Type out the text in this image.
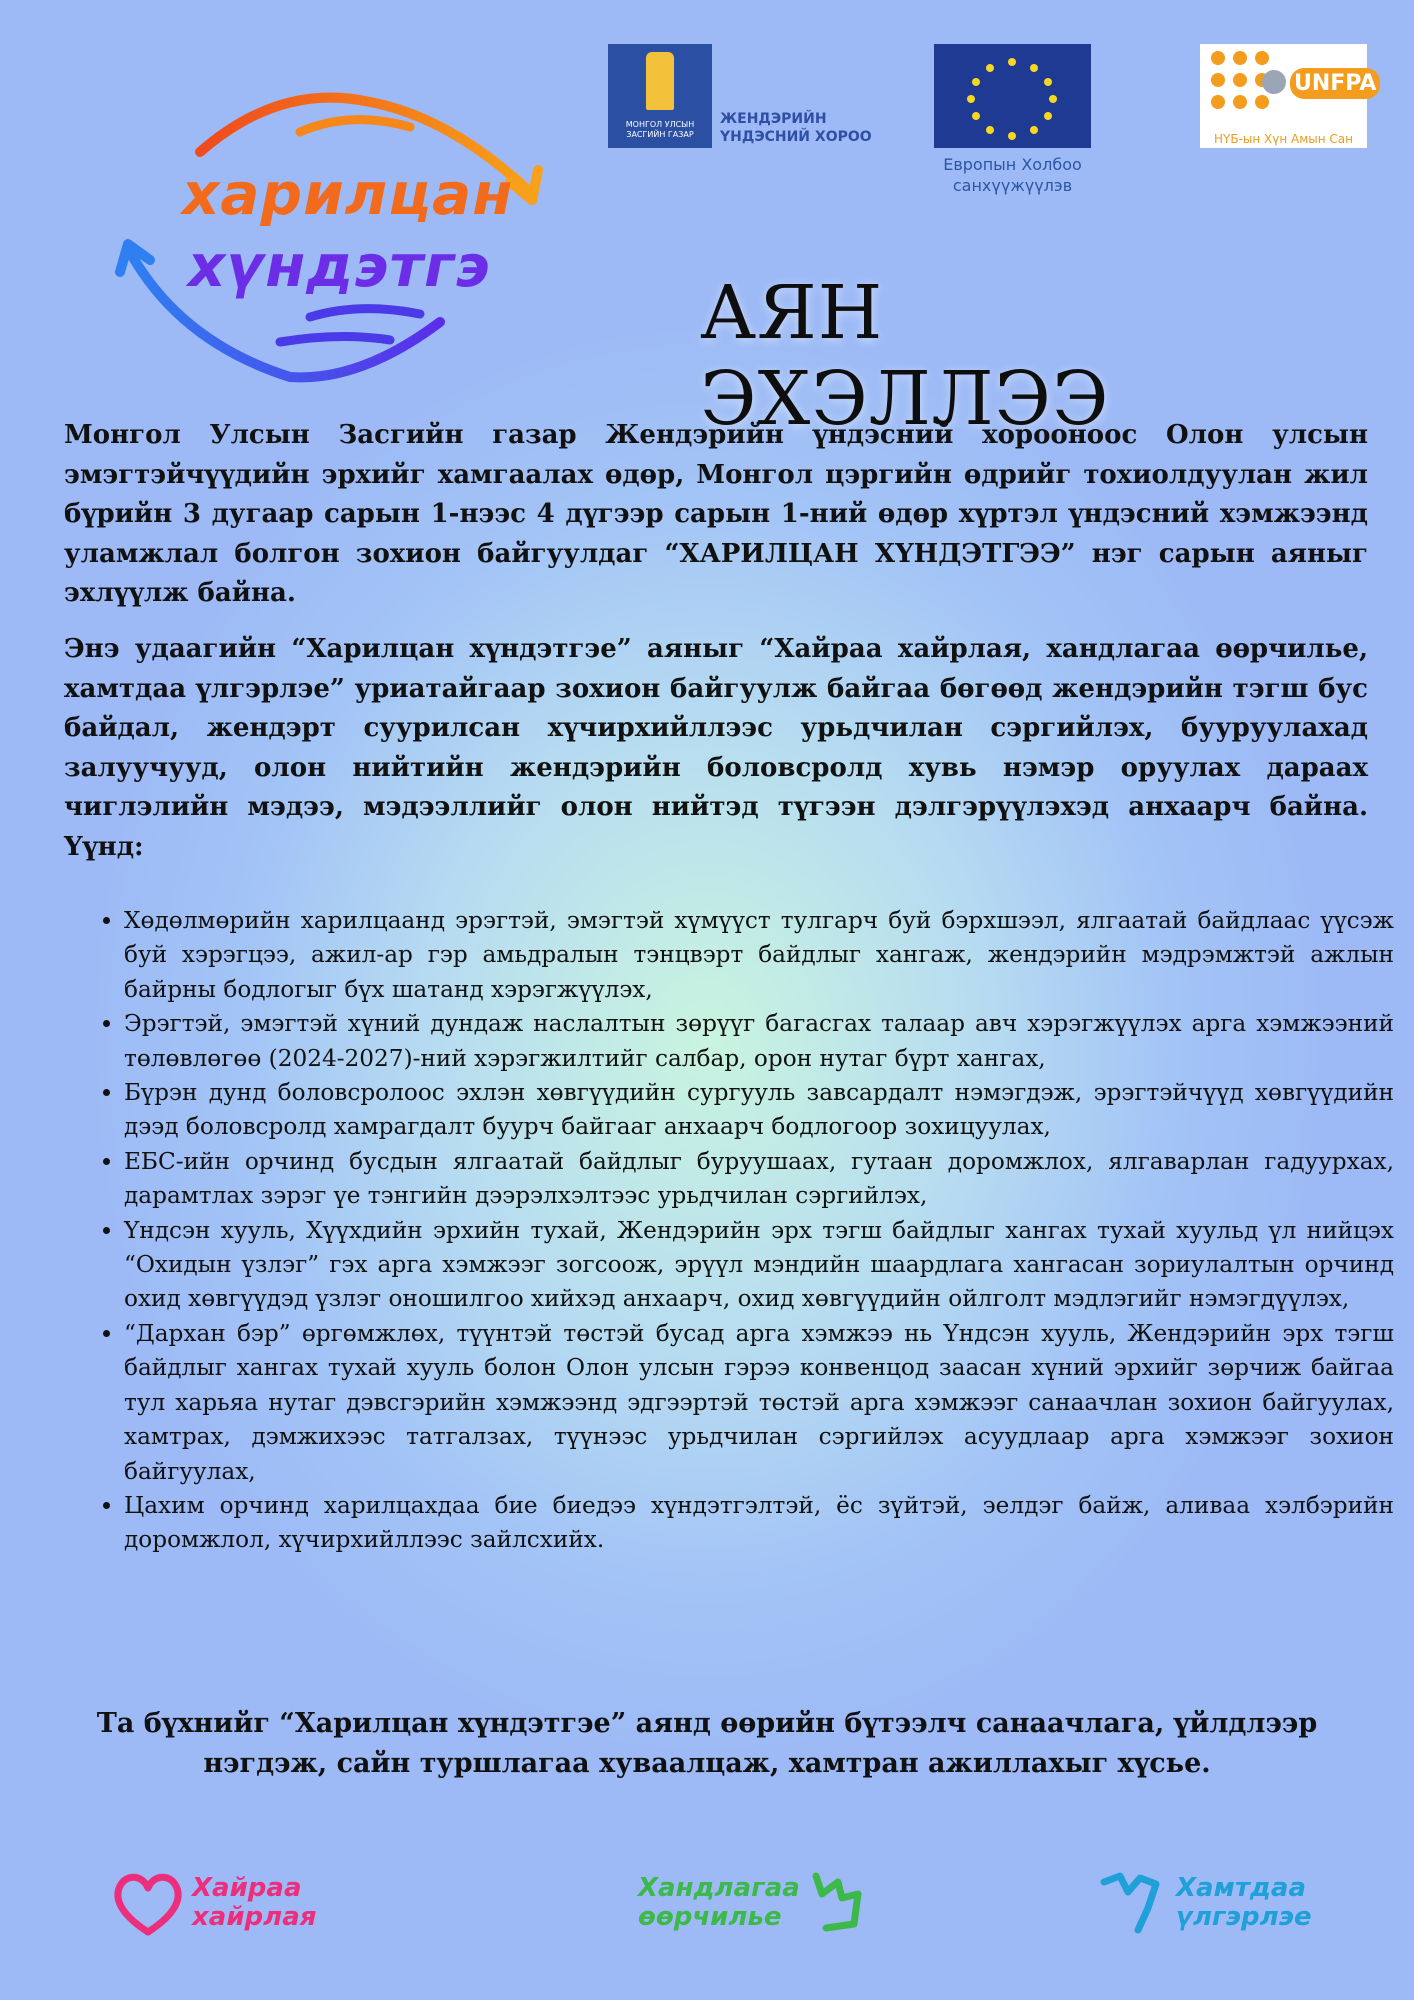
харилцан
хүндэтгэ
МОНГОЛ УЛСЫН ЗАСГИЙН ГАЗАР
ЖЕНДЭРИЙН ҮНДЭСНИЙ ХОРОО
Европын Холбоо санхүүжүүлэв
UNFPA
НҮБ-ын Хүн Амын Сан
АЯН ЭХЭЛЛЭЭ

Монгол Улсын Засгийн газар Жендэрийн үндэсний хорооноос Олон улсын эмэгтэйчүүдийн эрхийг хамгаалах өдөр, Монгол цэргийн өдрийг тохиолдуулан жил бүрийн 3 дугаар сарын 1-нээс 4 дүгээр сарын 1-ний өдөр хүртэл үндэсний хэмжээнд уламжлал болгон зохион байгуулдаг “ХАРИЛЦАН ХҮНДЭТГЭЭ” нэг сарын аяныг эхлүүлж байна.

Энэ удаагийн “Харилцан хүндэтгэе” аяныг “Хайраа хайрлая, хандлагаа өөрчилье, хамтдаа үлгэрлэе” уриатайгаар зохион байгуулж байгаа бөгөөд жендэрийн тэгш бус байдал, жендэрт суурилсан хүчирхийллээс урьдчилан сэргийлэх, бууруулахад залуучууд, олон нийтийн жендэрийн боловсролд хувь нэмэр оруулах дараах чиглэлийн мэдээ, мэдээллийг олон нийтэд түгээн дэлгэрүүлэхэд анхаарч байна. Үүнд:

• Хөдөлмөрийн харилцаанд эрэгтэй, эмэгтэй хүмүүст тулгарч буй бэрхшээл, ялгаатай байдлаас үүсэж буй хэрэгцээ, ажил-ар гэр амьдралын тэнцвэрт байдлыг хангаж, жендэрийн мэдрэмжтэй ажлын байрны бодлогыг бүх шатанд хэрэгжүүлэх,
• Эрэгтэй, эмэгтэй хүний дундаж наслалтын зөрүүг багасгах талаар авч хэрэгжүүлэх арга хэмжээний төлөвлөгөө (2024-2027)-ний хэрэгжилтийг салбар, орон нутаг бүрт хангах,
• Бүрэн дунд боловсролоос эхлэн хөвгүүдийн сургууль завсардалт нэмэгдэж, эрэгтэйчүүд хөвгүүдийн дээд боловсролд хамрагдалт буурч байгааг анхаарч бодлогоор зохицуулах,
• ЕБС-ийн орчинд бусдын ялгаатай байдлыг буруушаах, гутаан доромжлох, ялгаварлан гадуурхах, дарамтлах зэрэг үе тэнгийн дээрэлхэлтээс урьдчилан сэргийлэх,
• Үндсэн хууль, Хүүхдийн эрхийн тухай, Жендэрийн эрх тэгш байдлыг хангах тухай хуульд үл нийцэх “Охидын үзлэг” гэх арга хэмжээг зогсоож, эрүүл мэндийн шаардлага хангасан зориулалтын орчинд охид хөвгүүдэд үзлэг оношилгоо хийхэд анхаарч, охид хөвгүүдийн ойлголт мэдлэгийг нэмэгдүүлэх,
• “Дархан бэр” өргөмжлөх, түүнтэй төстэй бусад арга хэмжээ нь Үндсэн хууль, Жендэрийн эрх тэгш байдлыг хангах тухай хууль болон Олон улсын гэрээ конвенцод заасан хүний эрхийг зөрчиж байгаа тул харьяа нутаг дэвсгэрийн хэмжээнд эдгээртэй төстэй арга хэмжээг санаачлан зохион байгуулах, хамтрах, дэмжихээс татгалзах, түүнээс урьдчилан сэргийлэх асуудлаар арга хэмжээг зохион байгуулах,
• Цахим орчинд харилцахдаа бие биедээ хүндэтгэлтэй, ёс зүйтэй, эелдэг байж, аливаа хэлбэрийн доромжлол, хүчирхийллээс зайлсхийх.

Та бүхнийг “Харилцан хүндэтгэе” аянд өөрийн бүтээлч санаачлага, үйлдлээр нэгдэж, сайн туршлагаа хуваалцаж, хамтран ажиллахыг хүсье.

Хайраа
хайрлая
Хандлагаа
өөрчилье
Хамтдаа
үлгэрлэе
